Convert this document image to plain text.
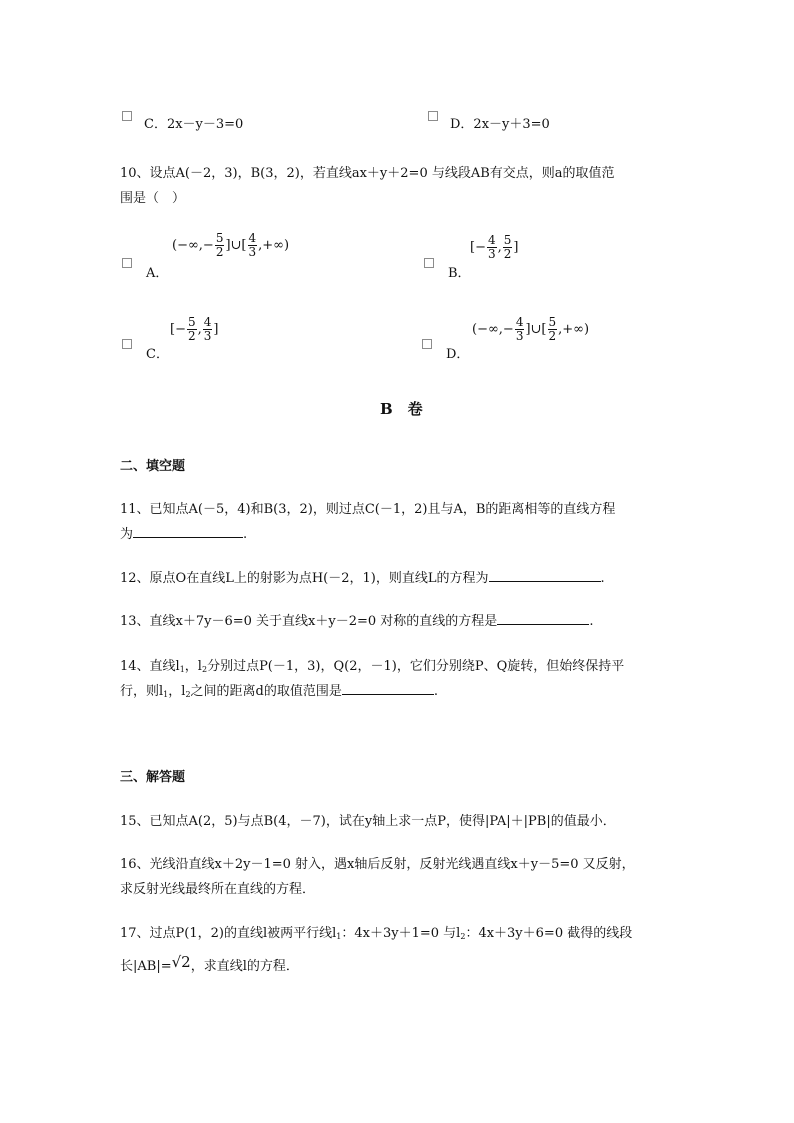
C．2x－y－3=0	D．2x－y＋3=0
10、设点A(－2，3)，B(3，2)，若直线ax＋y＋2=0 与线段AB有交点，则a的取值范
围是（　）
A．
(−∞,− $\frac{5}{2}$ ]∪[ $\frac{4}{3}$ ,+∞)
B．
[− $\frac{4}{3}$ , $\frac{5}{2}$ ]
C．
[− $\frac{5}{2}$ , $\frac{4}{3}$ ]
D．
(−∞,− $\frac{4}{3}$ ]∪[ $\frac{5}{2}$ ,+∞)
B　卷
二、填空题
11、已知点A(－5，4)和B(3，2)，则过点C(－1，2)且与A，B的距离相等的直线方程
为	.
12、原点O在直线L上的射影为点H(－2，1)，则直线L的方程为	.
13、直线x＋7y－6=0 关于直线x＋y－2=0 对称的直线的方程是	.
14、直线$l_1$，$l_2$分别过点P(－1，3)，Q(2，－1)，它们分别绕P、Q旋转，但始终保持平
行，则$l_1$，$l_2$之间的距离d的取值范围是	.
三、解答题
15、已知点A(2，5)与点B(4，－7)，试在y轴上求一点P，使得|PA|＋|PB|的值最小．
16、光线沿直线x＋2y－1=0 射入，遇x轴后反射，反射光线遇直线x＋y－5=0 又反射，
求反射光线最终所在直线的方程．
17、过点P(1，2)的直线l被两平行线$l_1$：4x＋3y＋1=0 与$l_2$：4x＋3y＋6=0 截得的线段
长|AB|=√2，求直线l的方程．
